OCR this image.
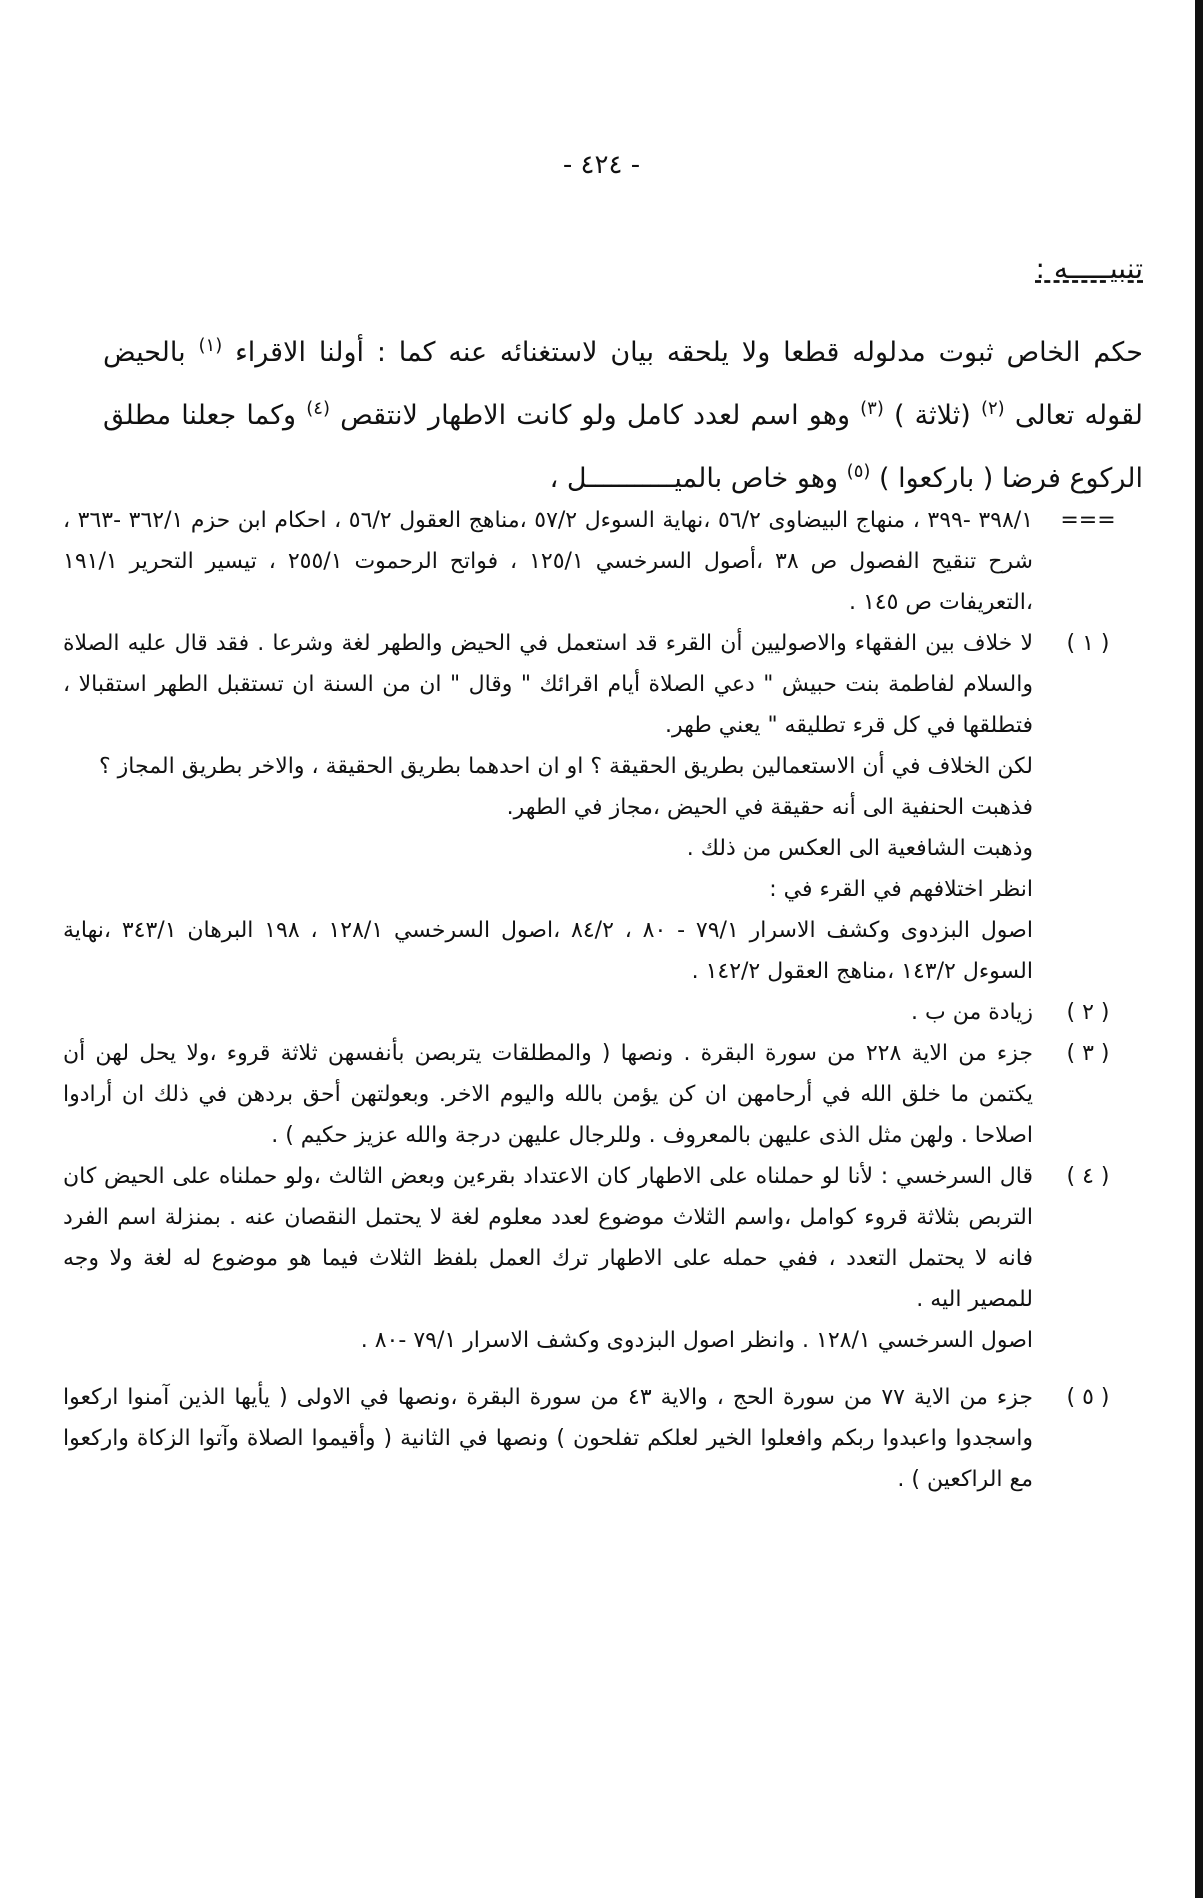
- ٤٢٤ -
تنبيـــــه :
حكم الخاص ثبوت مدلوله قطعا ولا يلحقه بيان لاستغنائه عنه كما : أولنا الاقراء $^{(١)}$ بالحيض لقوله تعالى $^{(٢)}$ (ثلاثة ) $^{(٣)}$ وهو اسم لعدد كامل ولو كانت الاطهار لانتقص $^{(٤)}$ وكما جعلنا مطلق الركوع فرضا ( باركعوا ) $^{(٥)}$ وهو خاص بالميـــــــــــل ،
===
٣٩٨/١ -٣٩٩ ، منهاج البيضاوى ٥٦/٢ ،نهاية السوءل ٥٧/٢ ،مناهج العقول ٥٦/٢ ، احكام ابن حزم ٣٦٢/١ -٣٦٣ ، شرح تنقيح الفصول ص ٣٨ ،أصول السرخسي ١٢٥/١ ، فواتح الرحموت ٢٥٥/١ ، تيسير التحرير ١٩١/١ ،التعريفات ص ١٤٥ .
( ١ )
لا خلاف بين الفقهاء والاصوليين أن القرء قد استعمل في الحيض والطهر لغة وشرعا . فقد قال عليه الصلاة والسلام لفاطمة بنت حبيش " دعي الصلاة أيام اقرائك " وقال " ان من السنة ان تستقبل الطهر استقبالا ، فتطلقها في كل قرء تطليقه " يعني طهر.
لكن الخلاف في أن الاستعمالين بطريق الحقيقة ؟ او ان احدهما بطريق الحقيقة ، والاخر بطريق المجاز ؟
فذهبت الحنفية الى أنه حقيقة في الحيض ،مجاز في الطهر.
وذهبت الشافعية الى العكس من ذلك .
انظر اختلافهم في القرء في :
اصول البزدوى وكشف الاسرار ٧٩/١ - ٨٠ ، ٨٤/٢ ،اصول السرخسي ١٢٨/١ ، ١٩٨ البرهان ٣٤٣/١ ،نهاية السوءل ١٤٣/٢ ،مناهج العقول ١٤٢/٢ .
( ٢ )
زيادة من ب .
( ٣ )
جزء من الاية ٢٢٨ من سورة البقرة . ونصها ( والمطلقات يتربصن بأنفسهن ثلاثة قروء ،ولا يحل لهن أن يكتمن ما خلق الله في أرحامهن ان كن يؤمن بالله واليوم الاخر. وبعولتهن أحق بردهن في ذلك ان أرادوا اصلاحا . ولهن مثل الذى عليهن بالمعروف . وللرجال عليهن درجة والله عزيز حكيم ) .
( ٤ )
قال السرخسي : لأنا لو حملناه على الاطهار كان الاعتداد بقرءين وبعض الثالث ،ولو حملناه على الحيض كان التربص بثلاثة قروء كوامل ،واسم الثلاث موضوع لعدد معلوم لغة لا يحتمل النقصان عنه . بمنزلة اسم الفرد فانه لا يحتمل التعدد ، ففي حمله على الاطهار ترك العمل بلفظ الثلاث فيما هو موضوع له لغة ولا وجه للمصير اليه .
اصول السرخسي ١٢٨/١ . وانظر اصول البزدوى وكشف الاسرار ٧٩/١ -٨٠ .
( ٥ )
جزء من الاية ٧٧ من سورة الحج ، والاية ٤٣ من سورة البقرة ،ونصها في الاولى ( يأيها الذين آمنوا اركعوا واسجدوا واعبدوا ربكم وافعلوا الخير لعلكم تفلحون ) ونصها في الثانية ( وأقيموا الصلاة وآتوا الزكاة واركعوا مع الراكعين ) .
